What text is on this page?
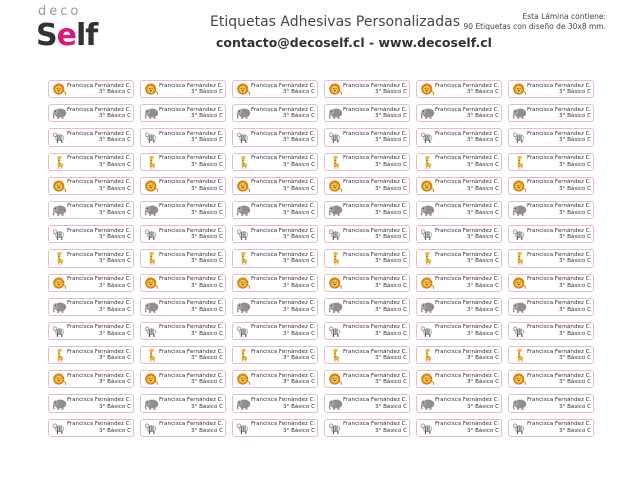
deco
Self	Etiquetas Adhesivas Personalizadas
contacto@decoself.cl - www.decoself.cl
Esta Lámina contiene:
90 Etiquetas con diseño de 30x8 mm.
Francisca Fernández C.
3° Básico C
Francisca Fernández C.
3° Básico C
Francisca Fernández C.
3° Básico C
Francisca Fernández C.
3° Básico C
Francisca Fernández C.
3° Básico C
Francisca Fernández C.
3° Básico C
Francisca Fernández C.
3° Básico C
Francisca Fernández C.
3° Básico C
Francisca Fernández C.
3° Básico C
Francisca Fernández C.
3° Básico C
Francisca Fernández C.
3° Básico C
Francisca Fernández C.
3° Básico C
Francisca Fernández C.
3° Básico C
Francisca Fernández C.
3° Básico C
Francisca Fernández C.
3° Básico C
Francisca Fernández C.
3° Básico C
Francisca Fernández C.
3° Básico C
Francisca Fernández C.
3° Básico C
Francisca Fernández C.
3° Básico C
Francisca Fernández C.
3° Básico C
Francisca Fernández C.
3° Básico C
Francisca Fernández C.
3° Básico C
Francisca Fernández C.
3° Básico C
Francisca Fernández C.
3° Básico C
Francisca Fernández C.
3° Básico C
Francisca Fernández C.
3° Básico C
Francisca Fernández C.
3° Básico C
Francisca Fernández C.
3° Básico C
Francisca Fernández C.
3° Básico C
Francisca Fernández C.
3° Básico C
Francisca Fernández C.
3° Básico C
Francisca Fernández C.
3° Básico C
Francisca Fernández C.
3° Básico C
Francisca Fernández C.
3° Básico C
Francisca Fernández C.
3° Básico C
Francisca Fernández C.
3° Básico C
Francisca Fernández C.
3° Básico C
Francisca Fernández C.
3° Básico C
Francisca Fernández C.
3° Básico C
Francisca Fernández C.
3° Básico C
Francisca Fernández C.
3° Básico C
Francisca Fernández C.
3° Básico C
Francisca Fernández C.
3° Básico C
Francisca Fernández C.
3° Básico C
Francisca Fernández C.
3° Básico C
Francisca Fernández C.
3° Básico C
Francisca Fernández C.
3° Básico C
Francisca Fernández C.
3° Básico C
Francisca Fernández C.
3° Básico C
Francisca Fernández C.
3° Básico C
Francisca Fernández C.
3° Básico C
Francisca Fernández C.
3° Básico C
Francisca Fernández C.
3° Básico C
Francisca Fernández C.
3° Básico C
Francisca Fernández C.
3° Básico C
Francisca Fernández C.
3° Básico C
Francisca Fernández C.
3° Básico C
Francisca Fernández C.
3° Básico C
Francisca Fernández C.
3° Básico C
Francisca Fernández C.
3° Básico C
Francisca Fernández C.
3° Básico C
Francisca Fernández C.
3° Básico C
Francisca Fernández C.
3° Básico C
Francisca Fernández C.
3° Básico C
Francisca Fernández C.
3° Básico C
Francisca Fernández C.
3° Básico C
Francisca Fernández C.
3° Básico C
Francisca Fernández C.
3° Básico C
Francisca Fernández C.
3° Básico C
Francisca Fernández C.
3° Básico C
Francisca Fernández C.
3° Básico C
Francisca Fernández C.
3° Básico C
Francisca Fernández C.
3° Básico C
Francisca Fernández C.
3° Básico C
Francisca Fernández C.
3° Básico C
Francisca Fernández C.
3° Básico C
Francisca Fernández C.
3° Básico C
Francisca Fernández C.
3° Básico C
Francisca Fernández C.
3° Básico C
Francisca Fernández C.
3° Básico C
Francisca Fernández C.
3° Básico C
Francisca Fernández C.
3° Básico C
Francisca Fernández C.
3° Básico C
Francisca Fernández C.
3° Básico C
Francisca Fernández C.
3° Básico C
Francisca Fernández C.
3° Básico C
Francisca Fernández C.
3° Básico C
Francisca Fernández C.
3° Básico C
Francisca Fernández C.
3° Básico C
Francisca Fernández C.
3° Básico C
